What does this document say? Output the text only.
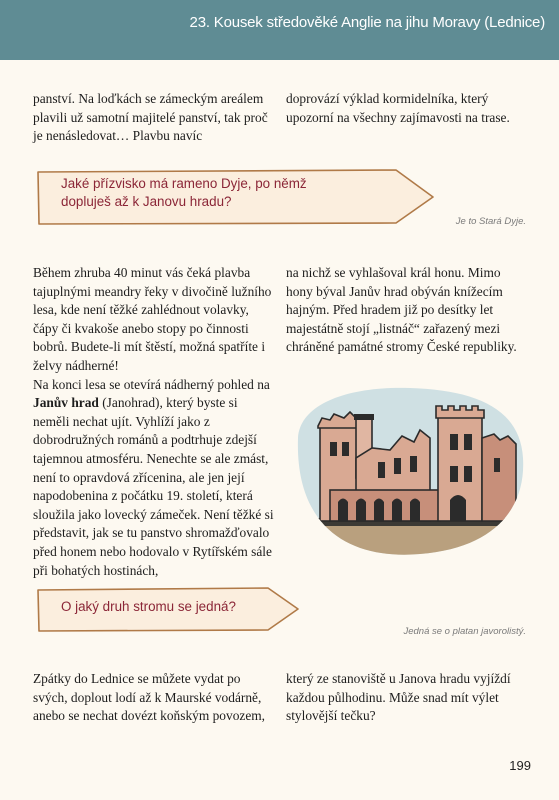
23. Kousek středověké Anglie na jihu Moravy (Lednice)

panství. Na loďkách se zámeckým areálem plavili už samotní majitelé panství, tak proč je nenásledovat… Plavbu navíc

doprovází výklad kormidelníka, který upozorní na všechny zajímavosti na trase.

Jaké přízvisko má rameno Dyje, po němž
dopluješ až k Janovu hradu?
Je to Stará Dyje.

Během zhruba 40 minut vás čeká plavba tajuplnými meandry řeky v divočině lužního lesa, kde není těžké zahlédnout volavky, čápy či kvakoše anebo stopy po činnosti bobrů. Budete-li mít štěstí, možná spatříte i želvy nádherné!

Na konci lesa se otevírá nádherný pohled na Janův hrad (Janohrad), který byste si neměli nechat ujít. Vyhlíží jako z dobrodružných románů a podtrhuje zdejší tajemnou atmosféru. Nenechte se ale zmást, není to opravdová zřícenina, ale jen její napodobenina z počátku 19. století, která sloužila jako lovecký zámeček. Není těžké si představit, jak se tu panstvo shromažďovalo před honem nebo hodovalo v Rytířském sále při bohatých hostinách,

na nichž se vyhlašoval král honu. Mimo hony býval Janův hrad obýván knížecím hajným. Před hradem již po desítky let majestátně stojí „listnáč“ zařazený mezi chráněné památné stromy České republiky.

O jaký druh stromu se jedná?
Jedná se o platan javorolistý.

Zpátky do Lednice se můžete vydat po svých, doplout lodí až k Maurské vodárně, anebo se nechat dovézt koňským povozem,

který ze stanoviště u Janova hradu vyjíždí každou půlhodinu. Může snad mít výlet stylovější tečku?

199
